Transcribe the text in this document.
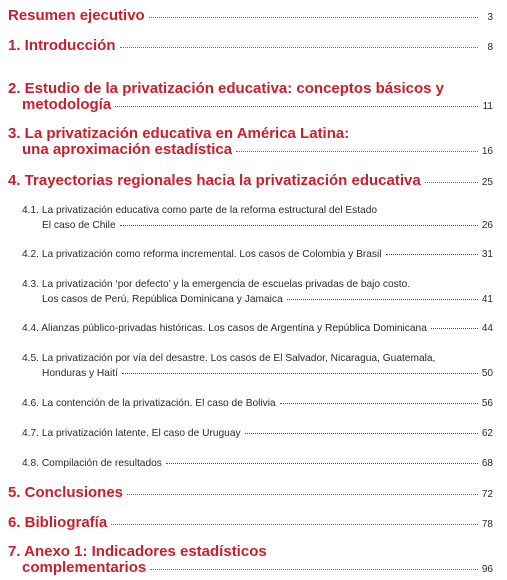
Resumen ejecutivo	3
1. Introducción	8
2. Estudio de la privatización educativa: conceptos básicos y
metodología	11
3. La privatización educativa en América Latina:
una aproximación estadística	16
4. Trayectorias regionales hacia la privatización educativa	25
4.1. La privatización educativa como parte de la reforma estructural del Estado
El caso de Chile	26
4.2. La privatización como reforma incremental. Los casos de Colombia y Brasil	31
4.3. La privatización ‘por defecto’ y la emergencia de escuelas privadas de bajo costo.
Los casos de Perú, República Dominicana y Jamaica	41
4.4. Alianzas público-privadas históricas. Los casos de Argentina y República Dominicana	44
4.5. La privatización por vía del desastre. Los casos de El Salvador, Nicaragua, Guatemala,
Honduras y Haití	50
4.6. La contención de la privatización. El caso de Bolivia	56
4.7. La privatización latente. El caso de Uruguay	62
4.8. Compilación de resultados	68
5. Conclusiones	72
6. Bibliografía	78
7. Anexo 1: Indicadores estadísticos
complementarios	96
